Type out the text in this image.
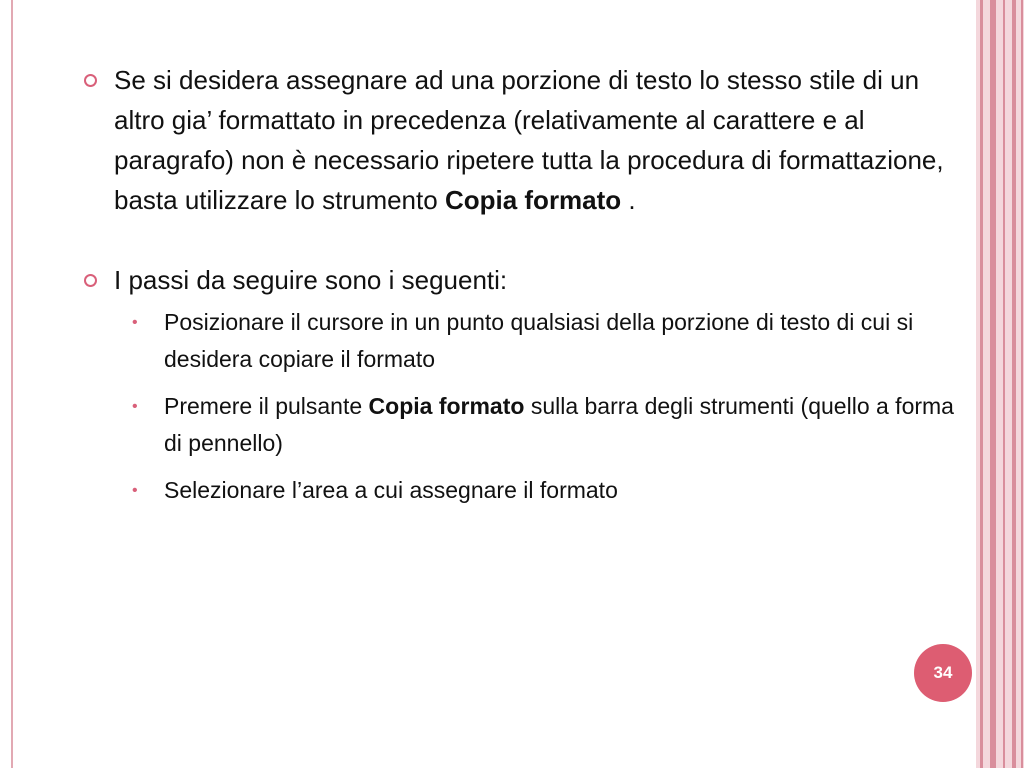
Se si desidera assegnare ad una porzione di testo lo stesso stile di un altro gia’ formattato in precedenza (relativamente al carattere e al paragrafo) non è necessario ripetere tutta la procedura di formattazione, basta utilizzare lo strumento Copia formato .
I passi da seguire sono i seguenti:
• Posizionare il cursore in un punto qualsiasi della porzione di testo di cui si desidera copiare il formato
• Premere il pulsante Copia formato sulla barra degli strumenti (quello a forma di pennello)
• Selezionare l’area a cui assegnare il formato
34
